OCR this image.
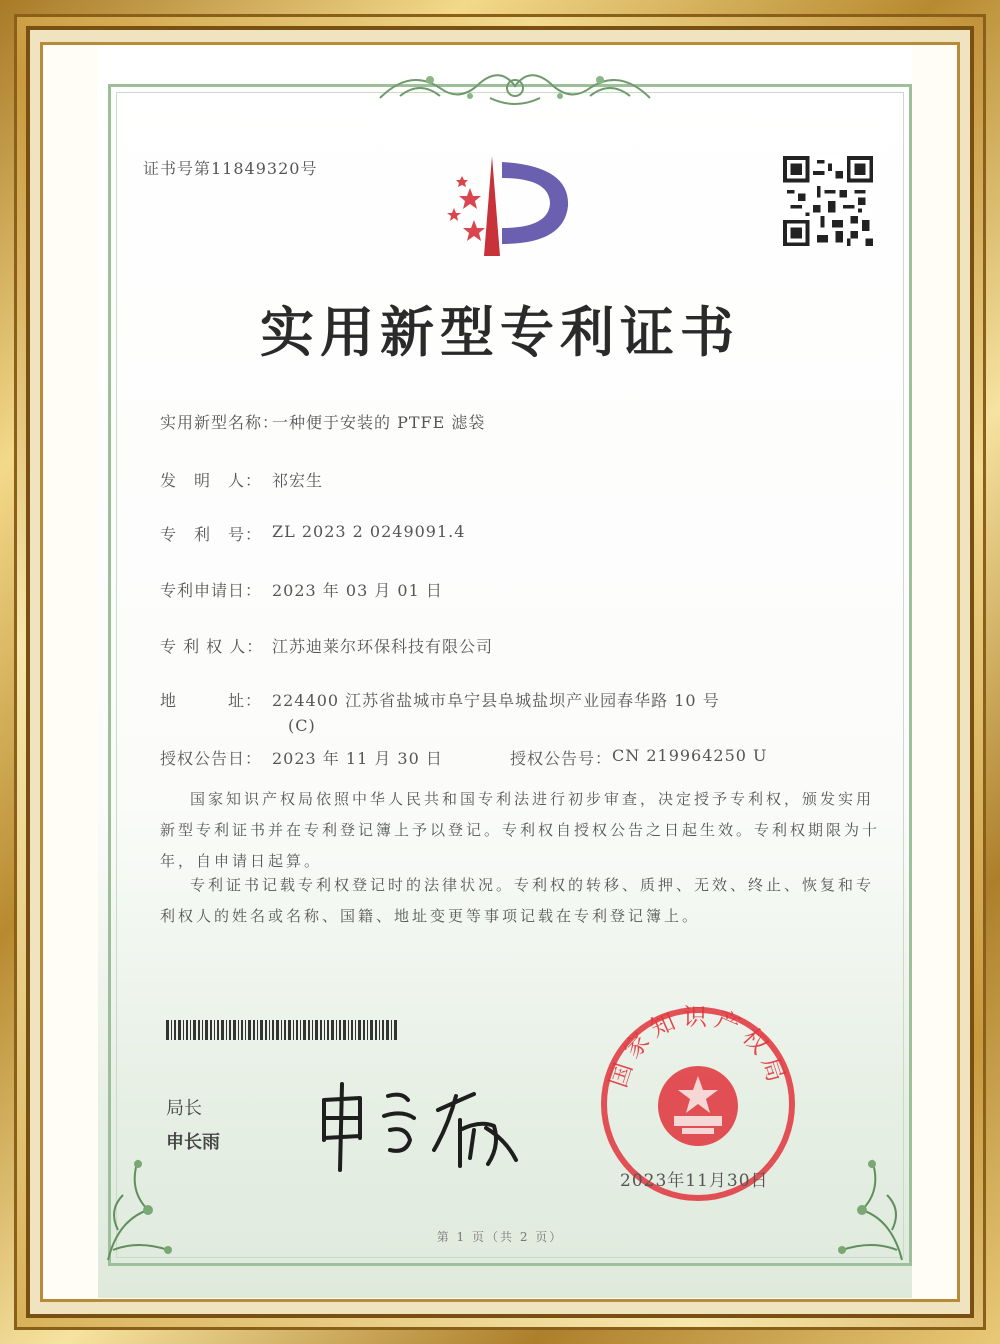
证书号第11849320号
实用新型专利证书
实用新型名称：
一种便于安装的 PTFE 滤袋
发　明　人： 祁宏生
专　利　号： ZL 2023 2 0249091.4
专利申请日： 2023 年 03 月 01 日
专 利 权 人： 江苏迪莱尔环保科技有限公司
地　　　址： 224400 江苏省盐城市阜宁县阜城盐坝产业园春华路 10 号
(C)
授权公告日： 2023 年 11 月 30 日	授权公告号： CN 219964250 U
国家知识产权局依照中华人民共和国专利法进行初步审查，决定授予专利权，颁发实用新型专利证书并在专利登记簿上予以登记。专利权自授权公告之日起生效。专利权期限为十年，自申请日起算。
专利证书记载专利权登记时的法律状况。专利权的转移、质押、无效、终止、恢复和专利权人的姓名或名称、国籍、地址变更等事项记载在专利登记簿上。
局长
申长雨
国家知识产权局
2023年11月30日
第 1 页（共 2 页）
